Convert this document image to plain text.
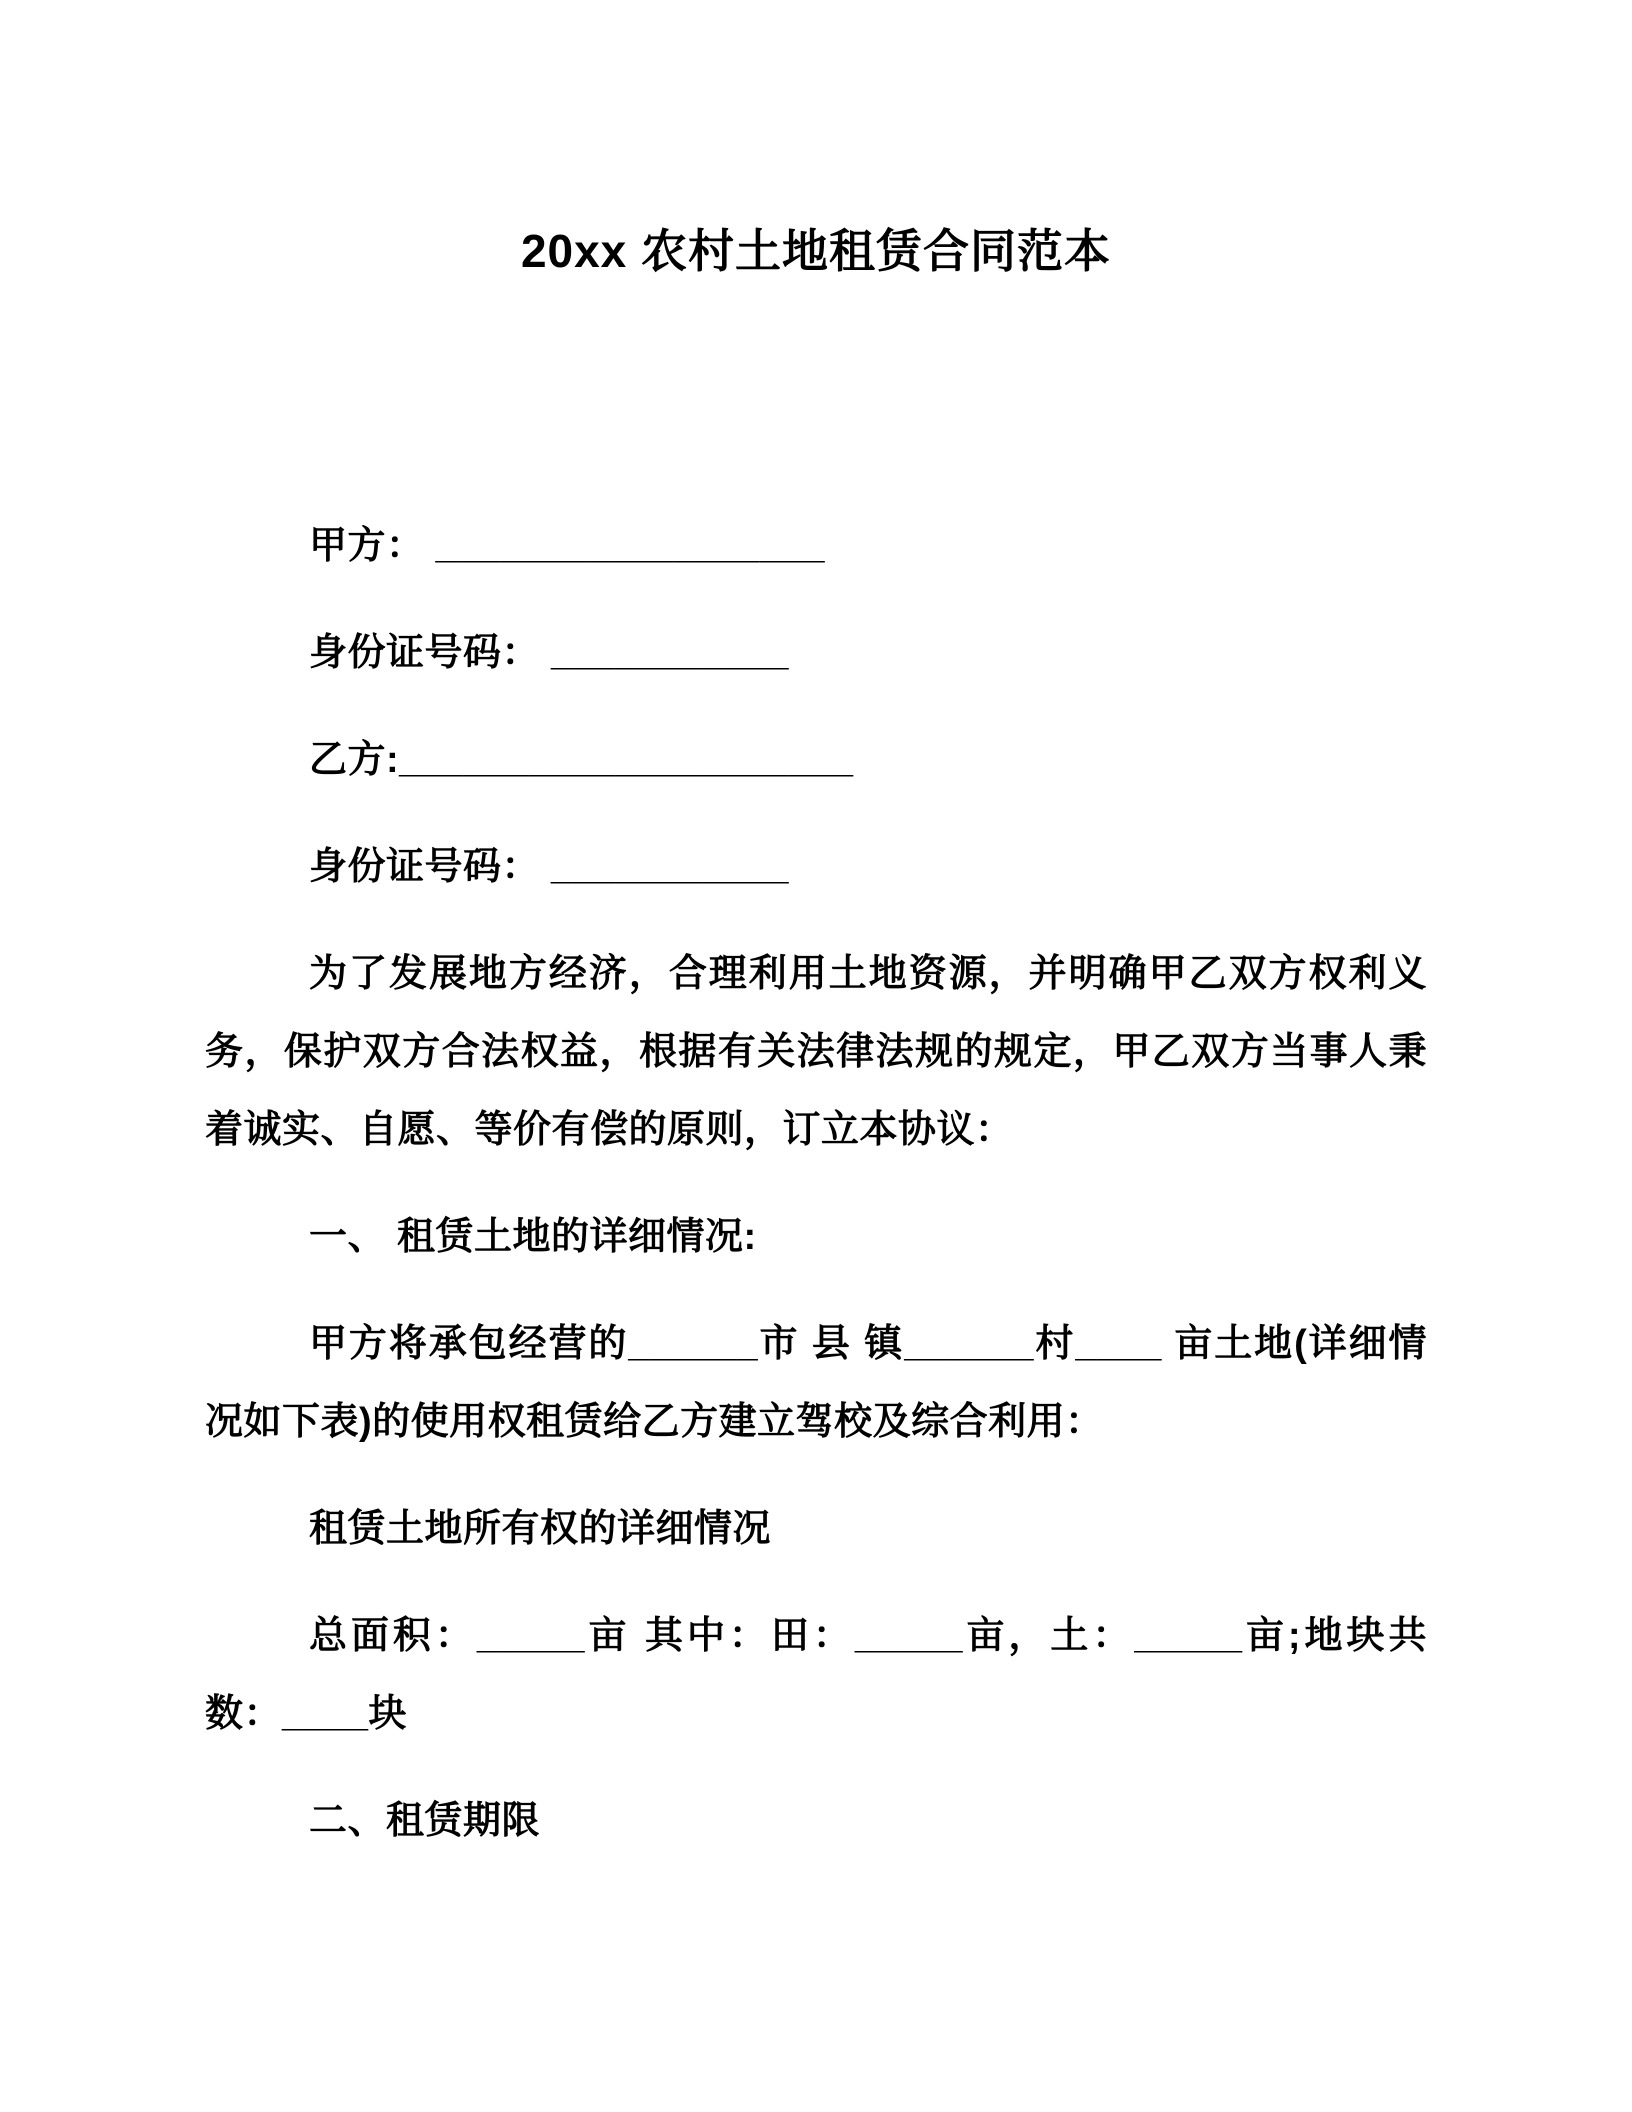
20xx 农村土地租赁合同范本

甲方： __________________

身份证号码： ___________

乙方:_____________________

身份证号码： ___________

为了发展地方经济，合理利用土地资源，并明确甲乙双方权利义务，保护双方合法权益，根据有关法律法规的规定，甲乙双方当事人秉着诚实、自愿、等价有偿的原则，订立本协议：

一、 租赁土地的详细情况:

甲方将承包经营的______市 县 镇______村____ 亩土地(详细情况如下表)的使用权租赁给乙方建立驾校及综合利用：

租赁土地所有权的详细情况

总面积：_____亩 其中：田：_____亩，土：_____亩;地块共数：____块

二、租赁期限
